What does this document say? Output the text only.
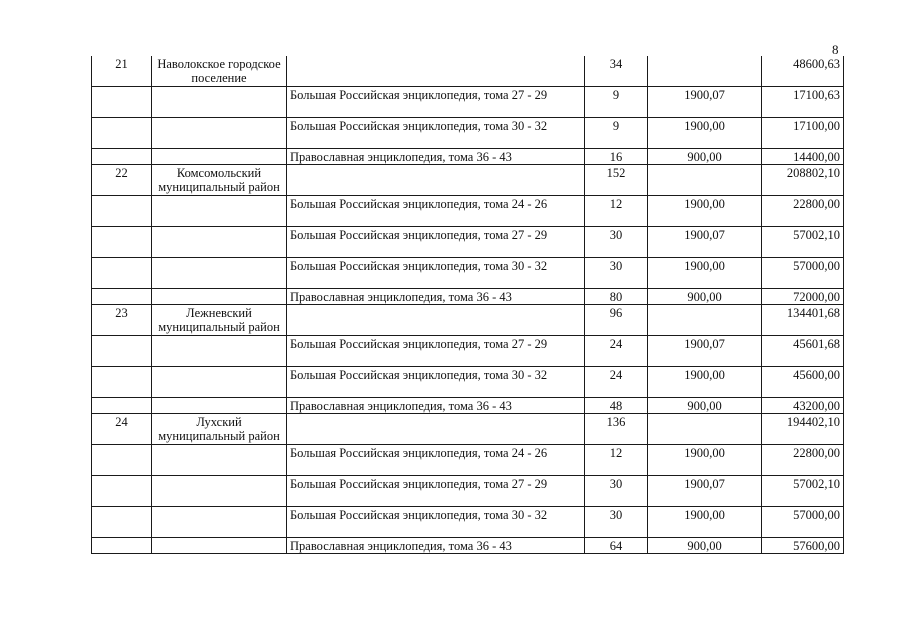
8
21	Наволокское городское поселение		34		48600,63
		Большая Российская энциклопедия, тома 27 - 29	9	1900,07	17100,63
		Большая Российская энциклопедия, тома 30 - 32	9	1900,00	17100,00
		Православная энциклопедия, тома 36 - 43	16	900,00	14400,00
22	Комсомольский муниципальный район		152		208802,10
		Большая Российская энциклопедия, тома 24 - 26	12	1900,00	22800,00
		Большая Российская энциклопедия, тома 27 - 29	30	1900,07	57002,10
		Большая Российская энциклопедия, тома 30 - 32	30	1900,00	57000,00
		Православная энциклопедия, тома 36 - 43	80	900,00	72000,00
23	Лежневский муниципальный район		96		134401,68
		Большая Российская энциклопедия, тома 27 - 29	24	1900,07	45601,68
		Большая Российская энциклопедия, тома 30 - 32	24	1900,00	45600,00
		Православная энциклопедия, тома 36 - 43	48	900,00	43200,00
24	Лухский муниципальный район		136		194402,10
		Большая Российская энциклопедия, тома 24 - 26	12	1900,00	22800,00
		Большая Российская энциклопедия, тома 27 - 29	30	1900,07	57002,10
		Большая Российская энциклопедия, тома 30 - 32	30	1900,00	57000,00
		Православная энциклопедия, тома 36 - 43	64	900,00	57600,00
